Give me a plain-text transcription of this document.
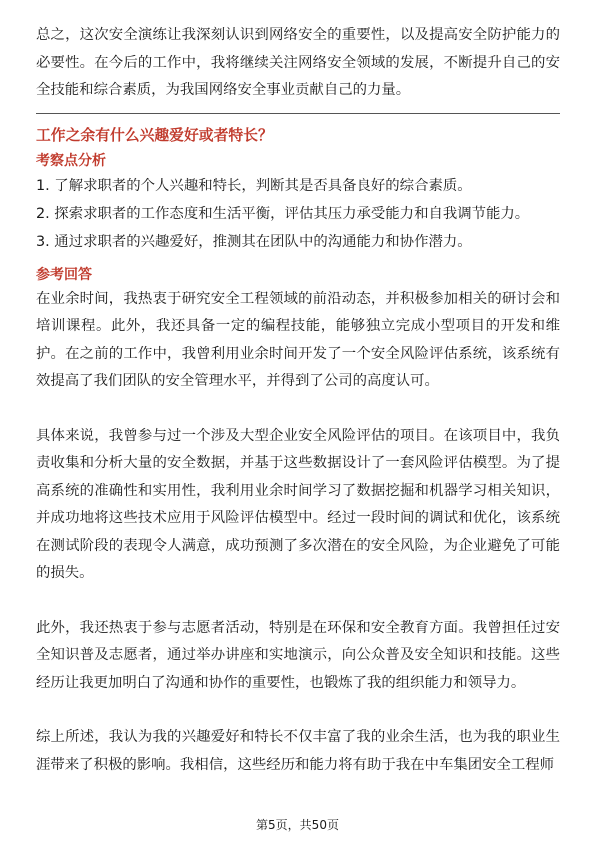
总之，这次安全演练让我深刻认识到网络安全的重要性，以及提高安全防护能力的必要性。在今后的工作中，我将继续关注网络安全领域的发展，不断提升自己的安全技能和综合素质，为我国网络安全事业贡献自己的力量。

工作之余有什么兴趣爱好或者特长？

考察点分析

1. 了解求职者的个人兴趣和特长，判断其是否具备良好的综合素质。

2. 探索求职者的工作态度和生活平衡，评估其压力承受能力和自我调节能力。

3. 通过求职者的兴趣爱好，推测其在团队中的沟通能力和协作潜力。

参考回答

在业余时间，我热衷于研究安全工程领域的前沿动态，并积极参加相关的研讨会和培训课程。此外，我还具备一定的编程技能，能够独立完成小型项目的开发和维护。在之前的工作中，我曾利用业余时间开发了一个安全风险评估系统，该系统有效提高了我们团队的安全管理水平，并得到了公司的高度认可。

具体来说，我曾参与过一个涉及大型企业安全风险评估的项目。在该项目中，我负责收集和分析大量的安全数据，并基于这些数据设计了一套风险评估模型。为了提高系统的准确性和实用性，我利用业余时间学习了数据挖掘和机器学习相关知识，并成功地将这些技术应用于风险评估模型中。经过一段时间的调试和优化，该系统在测试阶段的表现令人满意，成功预测了多次潜在的安全风险，为企业避免了可能的损失。

此外，我还热衷于参与志愿者活动，特别是在环保和安全教育方面。我曾担任过安全知识普及志愿者，通过举办讲座和实地演示，向公众普及安全知识和技能。这些经历让我更加明白了沟通和协作的重要性，也锻炼了我的组织能力和领导力。

综上所述，我认为我的兴趣爱好和特长不仅丰富了我的业余生活，也为我的职业生涯带来了积极的影响。我相信，这些经历和能力将有助于我在中车集团安全工程师

第5页，共50页
